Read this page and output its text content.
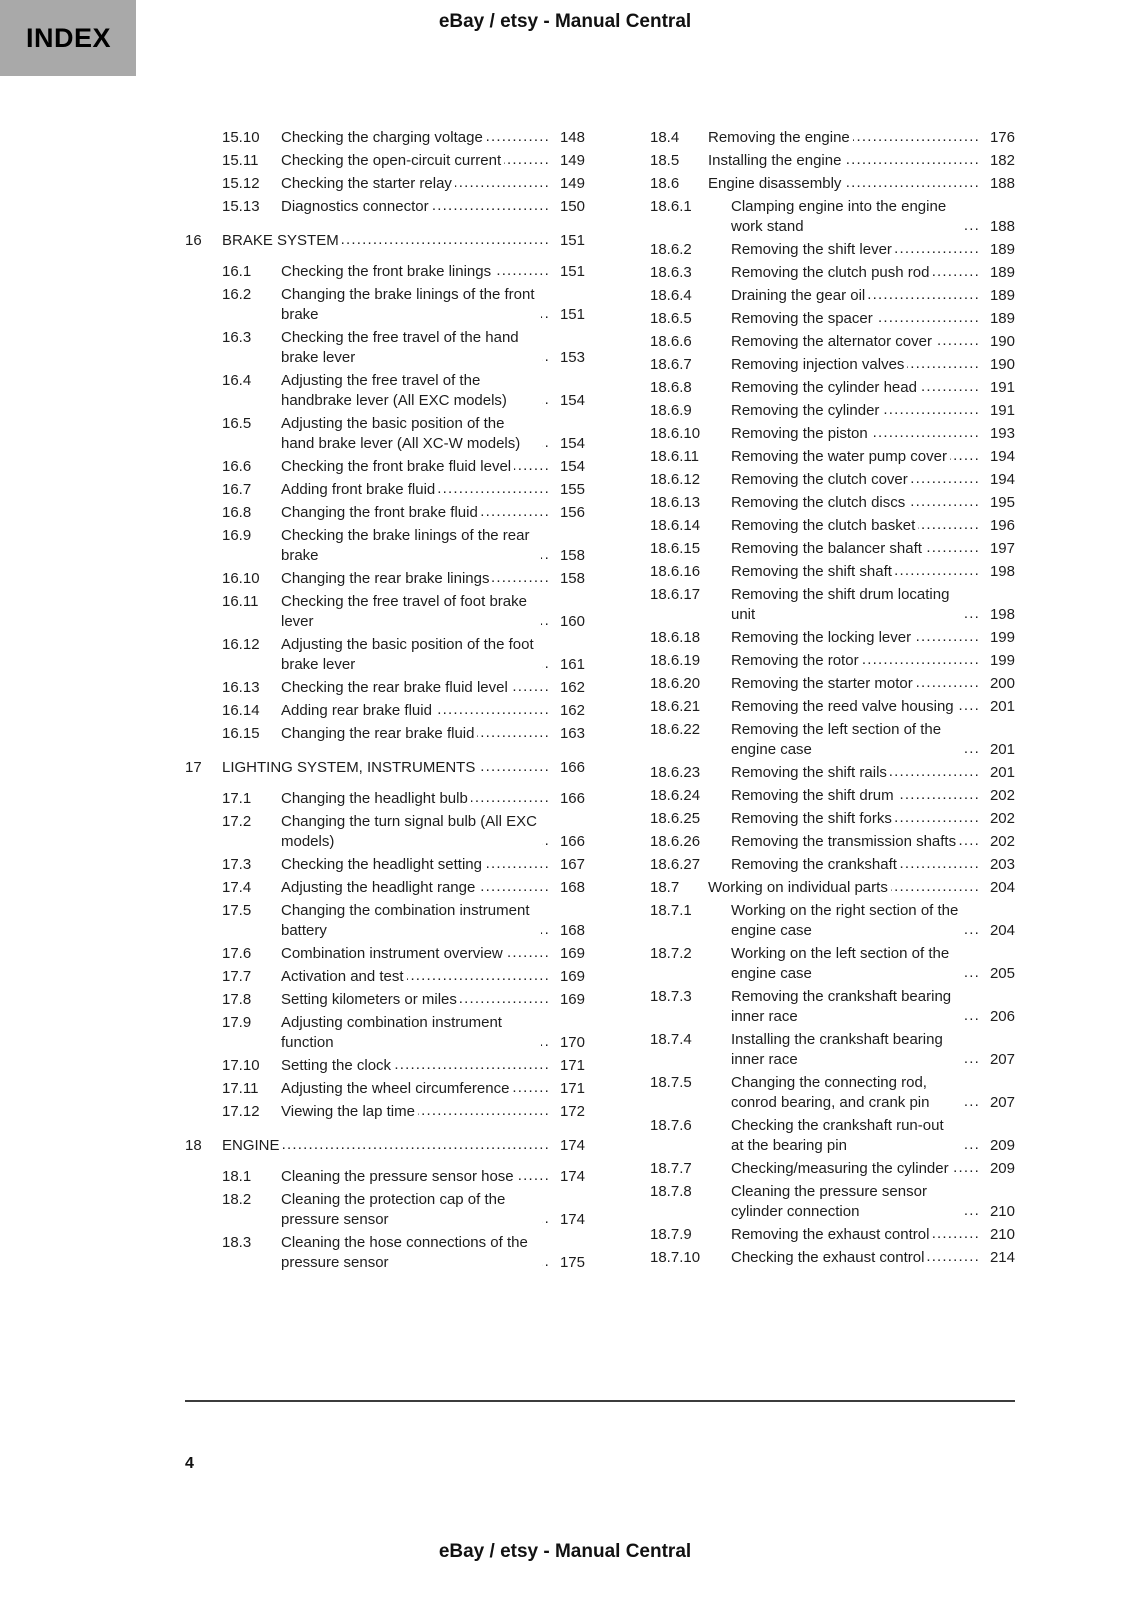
INDEX
eBay / etsy - Manual Central
15.10	Checking the charging voltage .....	148
15.11	Checking the open-circuit current .....	149
15.12	Checking the starter relay .....	149
15.13	Diagnostics connector .....	150
16	BRAKE SYSTEM .....	151
16.1	Checking the front brake linings .....	151
16.2	Changing the brake linings of the front brake .....	151
16.3	Checking the free travel of the hand brake lever .....	153
16.4	Adjusting the free travel of the handbrake lever (All EXC models) .....	154
16.5	Adjusting the basic position of the hand brake lever (All XC-W models) .....	154
16.6	Checking the front brake fluid level .....	154
16.7	Adding front brake fluid .....	155
16.8	Changing the front brake fluid .....	156
16.9	Checking the brake linings of the rear brake .....	158
16.10	Changing the rear brake linings .....	158
16.11	Checking the free travel of foot brake lever .....	160
16.12	Adjusting the basic position of the foot brake lever .....	161
16.13	Checking the rear brake fluid level .....	162
16.14	Adding rear brake fluid .....	162
16.15	Changing the rear brake fluid .....	163
17	LIGHTING SYSTEM, INSTRUMENTS .....	166
17.1	Changing the headlight bulb .....	166
17.2	Changing the turn signal bulb (All EXC models) .....	166
17.3	Checking the headlight setting .....	167
17.4	Adjusting the headlight range .....	168
17.5	Changing the combination instrument battery .....	168
17.6	Combination instrument overview .....	169
17.7	Activation and test .....	169
17.8	Setting kilometers or miles .....	169
17.9	Adjusting combination instrument function .....	170
17.10	Setting the clock .....	171
17.11	Adjusting the wheel circumference .....	171
17.12	Viewing the lap time .....	172
18	ENGINE .....	174
18.1	Cleaning the pressure sensor hose .....	174
18.2	Cleaning the protection cap of the pressure sensor .....	174
18.3	Cleaning the hose connections of the pressure sensor .....	175
18.4	Removing the engine .....	176
18.5	Installing the engine .....	182
18.6	Engine disassembly .....	188
18.6.1	Clamping engine into the engine work stand .....	188
18.6.2	Removing the shift lever .....	189
18.6.3	Removing the clutch push rod .....	189
18.6.4	Draining the gear oil .....	189
18.6.5	Removing the spacer .....	189
18.6.6	Removing the alternator cover .....	190
18.6.7	Removing injection valves .....	190
18.6.8	Removing the cylinder head .....	191
18.6.9	Removing the cylinder .....	191
18.6.10	Removing the piston .....	193
18.6.11	Removing the water pump cover .....	194
18.6.12	Removing the clutch cover .....	194
18.6.13	Removing the clutch discs .....	195
18.6.14	Removing the clutch basket .....	196
18.6.15	Removing the balancer shaft .....	197
18.6.16	Removing the shift shaft .....	198
18.6.17	Removing the shift drum locating unit .....	198
18.6.18	Removing the locking lever .....	199
18.6.19	Removing the rotor .....	199
18.6.20	Removing the starter motor .....	200
18.6.21	Removing the reed valve housing .....	201
18.6.22	Removing the left section of the engine case .....	201
18.6.23	Removing the shift rails .....	201
18.6.24	Removing the shift drum .....	202
18.6.25	Removing the shift forks .....	202
18.6.26	Removing the transmission shafts .....	202
18.6.27	Removing the crankshaft .....	203
18.7	Working on individual parts .....	204
18.7.1	Working on the right section of the engine case .....	204
18.7.2	Working on the left section of the engine case .....	205
18.7.3	Removing the crankshaft bearing inner race .....	206
18.7.4	Installing the crankshaft bearing inner race .....	207
18.7.5	Changing the connecting rod, conrod bearing, and crank pin .....	207
18.7.6	Checking the crankshaft run-out at the bearing pin .....	209
18.7.7	Checking/measuring the cylinder .....	209
18.7.8	Cleaning the pressure sensor cylinder connection .....	210
18.7.9	Removing the exhaust control .....	210
18.7.10	Checking the exhaust control .....	214
4
eBay / etsy - Manual Central
